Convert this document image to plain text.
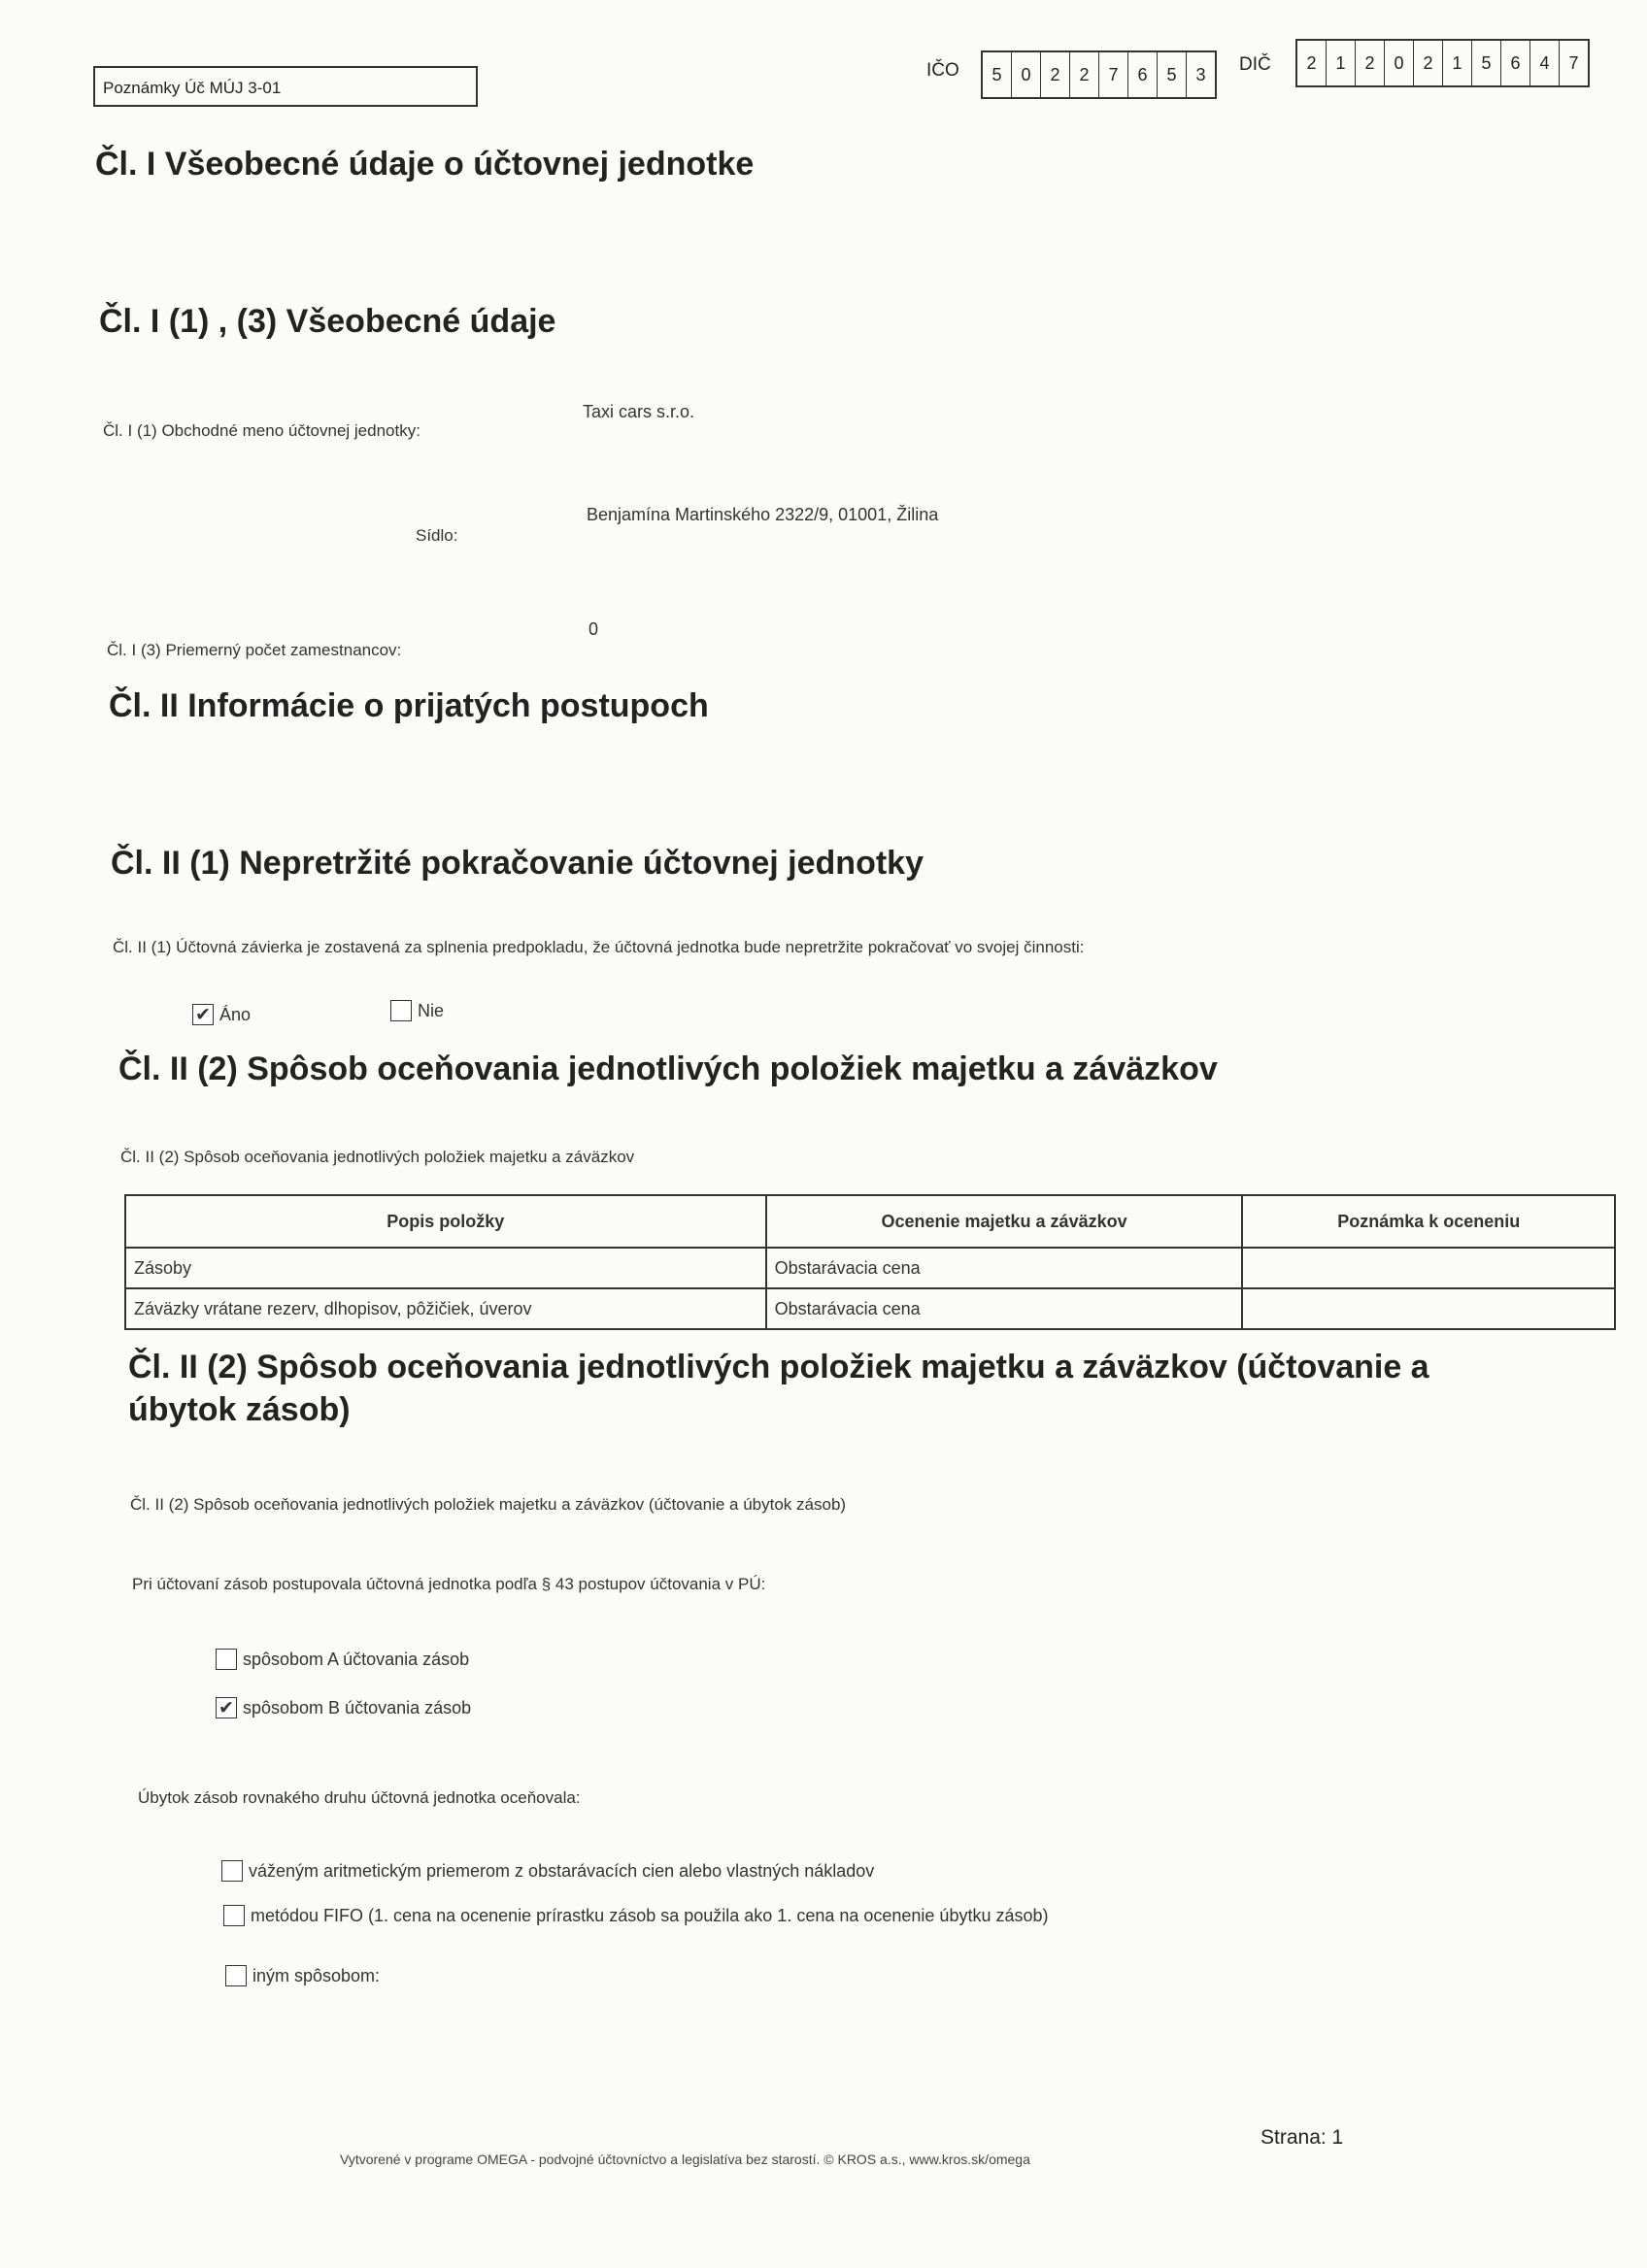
Poznámky Úč MÚJ 3-01
IČO	5	0	2	2	7	6	5	3	DIČ	2	1	2	0	2	1	5	6	4	7
Čl. I Všeobecné údaje o účtovnej jednotke
Čl. I (1) , (3) Všeobecné údaje
Čl. I (1) Obchodné meno účtovnej jednotky:
Taxi cars s.r.o.
Sídlo:
Benjamína Martinského 2322/9, 01001, Žilina
Čl. I (3) Priemerný počet zamestnancov:
0
Čl. II Informácie o prijatých postupoch
Čl. II (1) Nepretržité pokračovanie účtovnej jednotky
Čl. II (1) Účtovná závierka je zostavená za splnenia predpokladu, že účtovná jednotka bude nepretržite pokračovať vo svojej činnosti:
✔ Áno	Nie
Čl. II (2) Spôsob oceňovania jednotlivých položiek majetku a záväzkov
Čl. II (2) Spôsob oceňovania jednotlivých položiek majetku a záväzkov
Popis položky	Ocenenie majetku a záväzkov	Poznámka k oceneniu
Zásoby	Obstarávacia cena	
Záväzky vrátane rezerv, dlhopisov, pôžičiek, úverov	Obstarávacia cena	
Čl. II (2) Spôsob oceňovania jednotlivých položiek majetku a záväzkov (účtovanie a úbytok zásob)
Čl. II (2) Spôsob oceňovania jednotlivých položiek majetku a záväzkov (účtovanie a úbytok zásob)
Pri účtovaní zásob postupovala účtovná jednotka podľa § 43 postupov účtovania v PÚ:
spôsobom A účtovania zásob
✔ spôsobom B účtovania zásob
Úbytok zásob rovnakého druhu účtovná jednotka oceňovala:
váženým aritmetickým priemerom z obstarávacích cien alebo vlastných nákladov
metódou FIFO (1. cena na ocenenie prírastku zásob sa použila ako 1. cena na ocenenie úbytku zásob)
iným spôsobom:
Strana: 1
Vytvorené v programe OMEGA - podvojné účtovníctvo a legislatíva bez starostí. © KROS a.s., www.kros.sk/omega
